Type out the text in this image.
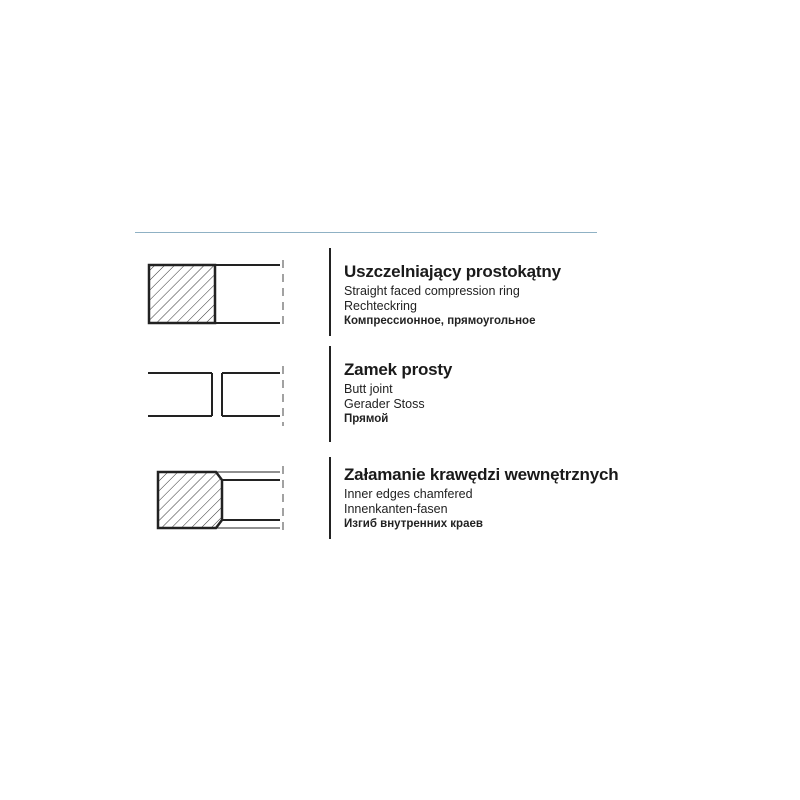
Uszczelniający prostokątny

Straight faced compression ring

Rechteckring

Компрессионное, прямоугольное

Zamek prosty

Butt joint

Gerader Stoss

Прямой

Załamanie krawędzi wewnętrznych

Inner edges chamfered

Innenkanten-fasen

Изгиб внутренних краев
